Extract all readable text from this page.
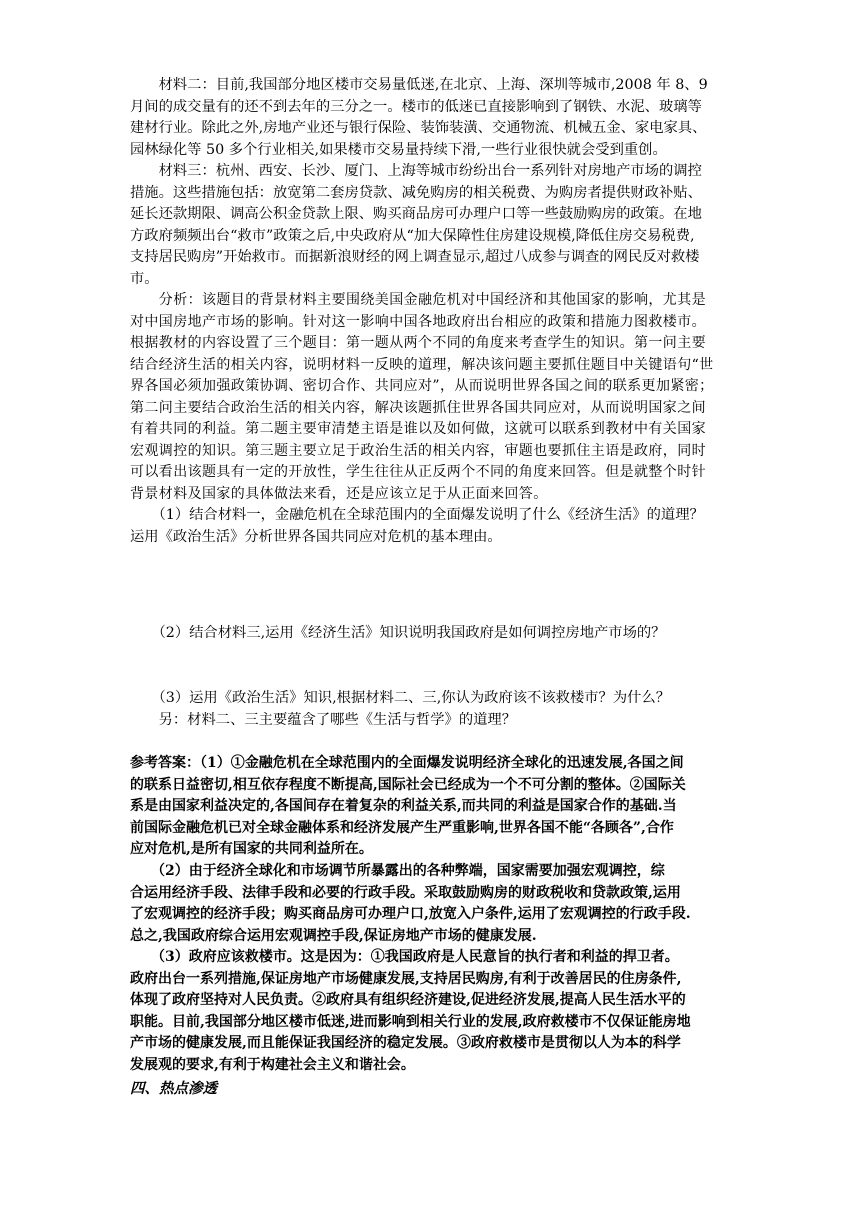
　　材料二：目前,我国部分地区楼市交易量低迷,在北京、上海、深圳等城市,2008 年 8、9
月间的成交量有的还不到去年的三分之一。楼市的低迷已直接影响到了钢铁、水泥、玻璃等
建材行业。除此之外,房地产业还与银行保险、装饰装潢、交通物流、机械五金、家电家具、
园林绿化等 50 多个行业相关,如果楼市交易量持续下滑,一些行业很快就会受到重创。
　　材料三：杭州、西安、长沙、厦门、上海等城市纷纷出台一系列针对房地产市场的调控
措施。这些措施包括：放宽第二套房贷款、减免购房的相关税费、为购房者提供财政补贴、
延长还款期限、调高公积金贷款上限、购买商品房可办理户口等一些鼓励购房的政策。在地
方政府频频出台“救市”政策之后,中央政府从“加大保障性住房建设规模,降低住房交易税费,
支持居民购房”开始救市。而据新浪财经的网上调查显示,超过八成参与调查的网民反对救楼
市。
　　分析：该题目的背景材料主要围绕美国金融危机对中国经济和其他国家的影响，尤其是
对中国房地产市场的影响。针对这一影响中国各地政府出台相应的政策和措施力图救楼市。
根据教材的内容设置了三个题目：第一题从两个不同的角度来考查学生的知识。第一问主要
结合经济生活的相关内容，说明材料一反映的道理，解决该问题主要抓住题目中关键语句“世
界各国必须加强政策协调、密切合作、共同应对”，从而说明世界各国之间的联系更加紧密；
第二问主要结合政治生活的相关内容，解决该题抓住世界各国共同应对，从而说明国家之间
有着共同的利益。第二题主要审清楚主语是谁以及如何做，这就可以联系到教材中有关国家
宏观调控的知识。第三题主要立足于政治生活的相关内容，审题也要抓住主语是政府，同时
可以看出该题具有一定的开放性，学生往往从正反两个不同的角度来回答。但是就整个时针
背景材料及国家的具体做法来看，还是应该立足于从正面来回答。
　　（1）结合材料一，金融危机在全球范围内的全面爆发说明了什么《经济生活》的道理？
运用《政治生活》分析世界各国共同应对危机的基本理由。
　　（2）结合材料三,运用《经济生活》知识说明我国政府是如何调控房地产市场的？
　　（3）运用《政治生活》知识,根据材料二、三,你认为政府该不该救楼市？为什么？
　　另：材料二、三主要蕴含了哪些《生活与哲学》的道理？
参考答案：（1）①金融危机在全球范围内的全面爆发说明经济全球化的迅速发展,各国之间
的联系日益密切,相互依存程度不断提高,国际社会已经成为一个不可分割的整体。②国际关
系是由国家利益决定的,各国间存在着复杂的利益关系,而共同的利益是国家合作的基础.当
前国际金融危机已对全球金融体系和经济发展产生严重影响,世界各国不能“各顾各”,合作
应对危机,是所有国家的共同利益所在。
　　（2）由于经济全球化和市场调节所暴露出的各种弊端，国家需要加强宏观调控，综
合运用经济手段、法律手段和必要的行政手段。采取鼓励购房的财政税收和贷款政策,运用
了宏观调控的经济手段；购买商品房可办理户口,放宽入户条件,运用了宏观调控的行政手段.
总之,我国政府综合运用宏观调控手段,保证房地产市场的健康发展.
　　（3）政府应该救楼市。这是因为：①我国政府是人民意旨的执行者和利益的捍卫者。
政府出台一系列措施,保证房地产市场健康发展,支持居民购房,有利于改善居民的住房条件,
体现了政府坚持对人民负责。②政府具有组织经济建设,促进经济发展,提高人民生活水平的
职能。目前,我国部分地区楼市低迷,进而影响到相关行业的发展,政府救楼市不仅保证能房地
产市场的健康发展,而且能保证我国经济的稳定发展。③政府救楼市是贯彻以人为本的科学
发展观的要求,有利于构建社会主义和谐社会。
四、热点渗透
